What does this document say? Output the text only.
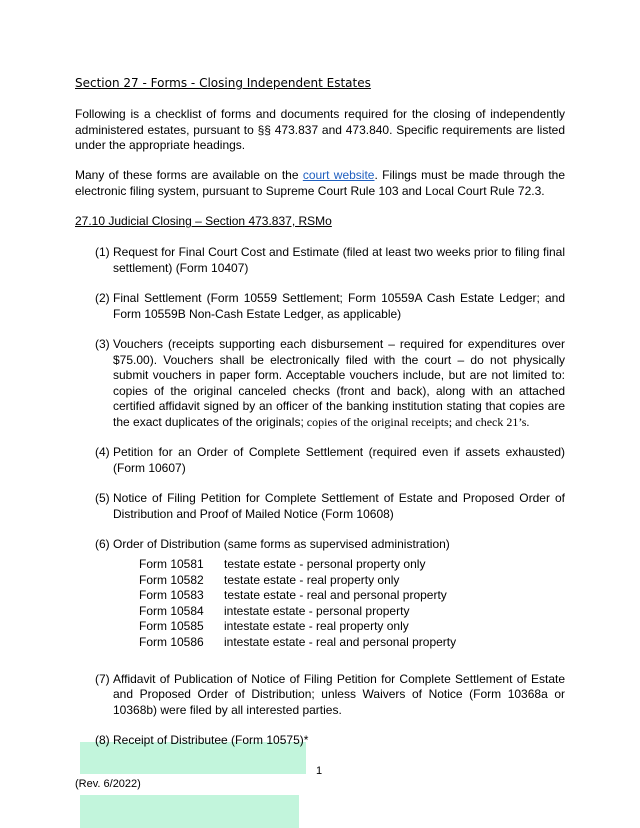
Section 27 - Forms - Closing Independent Estates

Following is a checklist of forms and documents required for the closing of independently administered estates, pursuant to §§ 473.837 and 473.840. Specific requirements are listed under the appropriate headings.

Many of these forms are available on the court website. Filings must be made through the electronic filing system, pursuant to Supreme Court Rule 103 and Local Court Rule 72.3.

27.10 Judicial Closing – Section 473.837, RSMo
(1) Request for Final Court Cost and Estimate (filed at least two weeks prior to filing final settlement) (Form 10407)
(2) Final Settlement (Form 10559 Settlement; Form 10559A Cash Estate Ledger; and Form 10559B Non-Cash Estate Ledger, as applicable)
(3) Vouchers (receipts supporting each disbursement – required for expenditures over $75.00). Vouchers shall be electronically filed with the court – do not physically submit vouchers in paper form. Acceptable vouchers include, but are not limited to: copies of the original canceled checks (front and back), along with an attached certified affidavit signed by an officer of the banking institution stating that copies are the exact duplicates of the originals; copies of the original receipts; and check 21’s.
(4) Petition for an Order of Complete Settlement (required even if assets exhausted) (Form 10607)
(5) Notice of Filing Petition for Complete Settlement of Estate and Proposed Order of Distribution and Proof of Mailed Notice (Form 10608)
(6) Order of Distribution (same forms as supervised administration)
(7) Affidavit of Publication of Notice of Filing Petition for Complete Settlement of Estate and Proposed Order of Distribution; unless Waivers of Notice (Form 10368a or 10368b) were filed by all interested parties.
(8) Receipt of Distributee (Form 10575)*
Form 10581	testate estate - personal property only
Form 10582	testate estate - real property only
Form 10583	testate estate - real and personal property
Form 10584	intestate estate - personal property
Form 10585	intestate estate - real property only
Form 10586	intestate estate - real and personal property
1
(Rev. 6/2022)
